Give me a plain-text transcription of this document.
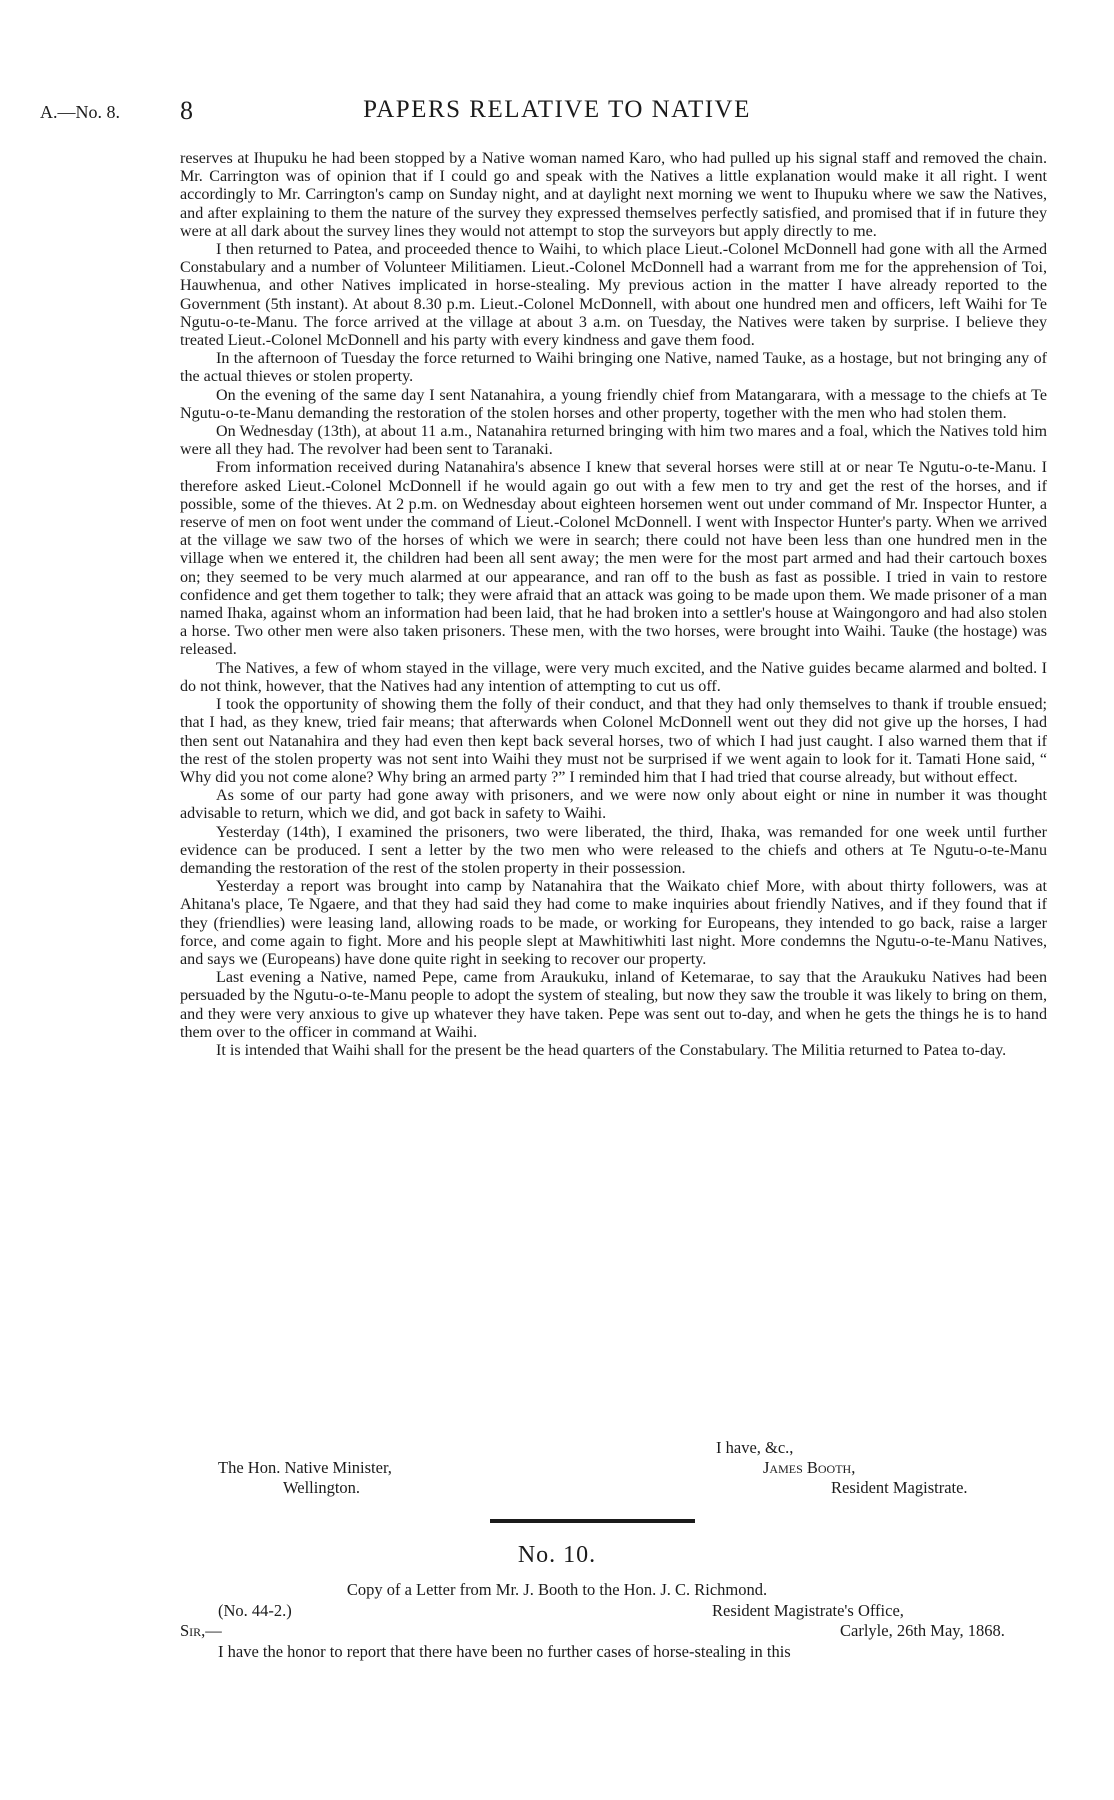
A.—No. 8. 8	PAPERS RELATIVE TO NATIVE

reserves at Ihupuku he had been stopped by a Native woman named Karo, who had pulled up his signal staff and removed the chain. Mr. Carrington was of opinion that if I could go and speak with the Natives a little explanation would make it all right. I went accordingly to Mr. Carrington's camp on Sunday night, and at daylight next morning we went to Ihupuku where we saw the Natives, and after explaining to them the nature of the survey they expressed themselves perfectly satisfied, and promised that if in future they were at all dark about the survey lines they would not attempt to stop the surveyors but apply directly to me.

I then returned to Patea, and proceeded thence to Waihi, to which place Lieut.-Colonel McDonnell had gone with all the Armed Constabulary and a number of Volunteer Militiamen. Lieut.-Colonel McDonnell had a warrant from me for the apprehension of Toi, Hauwhenua, and other Natives implicated in horse-stealing. My previous action in the matter I have already reported to the Government (5th instant). At about 8.30 p.m. Lieut.-Colonel McDonnell, with about one hundred men and officers, left Waihi for Te Ngutu-o-te-Manu. The force arrived at the village at about 3 a.m. on Tuesday, the Natives were taken by surprise. I believe they treated Lieut.-Colonel McDonnell and his party with every kindness and gave them food.

In the afternoon of Tuesday the force returned to Waihi bringing one Native, named Tauke, as a hostage, but not bringing any of the actual thieves or stolen property.

On the evening of the same day I sent Natanahira, a young friendly chief from Matangarara, with a message to the chiefs at Te Ngutu-o-te-Manu demanding the restoration of the stolen horses and other property, together with the men who had stolen them.

On Wednesday (13th), at about 11 a.m., Natanahira returned bringing with him two mares and a foal, which the Natives told him were all they had. The revolver had been sent to Taranaki.

From information received during Natanahira's absence I knew that several horses were still at or near Te Ngutu-o-te-Manu. I therefore asked Lieut.-Colonel McDonnell if he would again go out with a few men to try and get the rest of the horses, and if possible, some of the thieves. At 2 p.m. on Wednesday about eighteen horsemen went out under command of Mr. Inspector Hunter, a reserve of men on foot went under the command of Lieut.-Colonel McDonnell. I went with Inspector Hunter's party. When we arrived at the village we saw two of the horses of which we were in search; there could not have been less than one hundred men in the village when we entered it, the children had been all sent away; the men were for the most part armed and had their cartouch boxes on; they seemed to be very much alarmed at our appearance, and ran off to the bush as fast as possible. I tried in vain to restore confidence and get them together to talk; they were afraid that an attack was going to be made upon them. We made prisoner of a man named Ihaka, against whom an information had been laid, that he had broken into a settler's house at Waingongoro and had also stolen a horse. Two other men were also taken prisoners. These men, with the two horses, were brought into Waihi. Tauke (the hostage) was released.

The Natives, a few of whom stayed in the village, were very much excited, and the Native guides became alarmed and bolted. I do not think, however, that the Natives had any intention of attempting to cut us off.

I took the opportunity of showing them the folly of their conduct, and that they had only themselves to thank if trouble ensued; that I had, as they knew, tried fair means; that afterwards when Colonel McDonnell went out they did not give up the horses, I had then sent out Natanahira and they had even then kept back several horses, two of which I had just caught. I also warned them that if the rest of the stolen property was not sent into Waihi they must not be surprised if we went again to look for it. Tamati Hone said, “ Why did you not come alone? Why bring an armed party ?” I reminded him that I had tried that course already, but without effect.

As some of our party had gone away with prisoners, and we were now only about eight or nine in number it was thought advisable to return, which we did, and got back in safety to Waihi.

Yesterday (14th), I examined the prisoners, two were liberated, the third, Ihaka, was remanded for one week until further evidence can be produced. I sent a letter by the two men who were released to the chiefs and others at Te Ngutu-o-te-Manu demanding the restoration of the rest of the stolen property in their possession.

Yesterday a report was brought into camp by Natanahira that the Waikato chief More, with about thirty followers, was at Ahitana's place, Te Ngaere, and that they had said they had come to make inquiries about friendly Natives, and if they found that if they (friendlies) were leasing land, allowing roads to be made, or working for Europeans, they intended to go back, raise a larger force, and come again to fight. More and his people slept at Mawhitiwhiti last night. More condemns the Ngutu-o-te-Manu Natives, and says we (Europeans) have done quite right in seeking to recover our property.

Last evening a Native, named Pepe, came from Araukuku, inland of Ketemarae, to say that the Araukuku Natives had been persuaded by the Ngutu-o-te-Manu people to adopt the system of stealing, but now they saw the trouble it was likely to bring on them, and they were very anxious to give up whatever they have taken. Pepe was sent out to-day, and when he gets the things he is to hand them over to the officer in command at Waihi.

It is intended that Waihi shall for the present be the head quarters of the Constabulary. The Militia returned to Patea to-day.

I have, &c.,
The Hon. Native Minister,	James Booth,
Wellington.	Resident Magistrate.
No. 10.
Copy of a Letter from Mr. J. Booth to the Hon. J. C. Richmond.
(No. 44-2.)	Resident Magistrate's Office,
Sir,—	Carlyle, 26th May, 1868.
I have the honor to report that there have been no further cases of horse-stealing in this
